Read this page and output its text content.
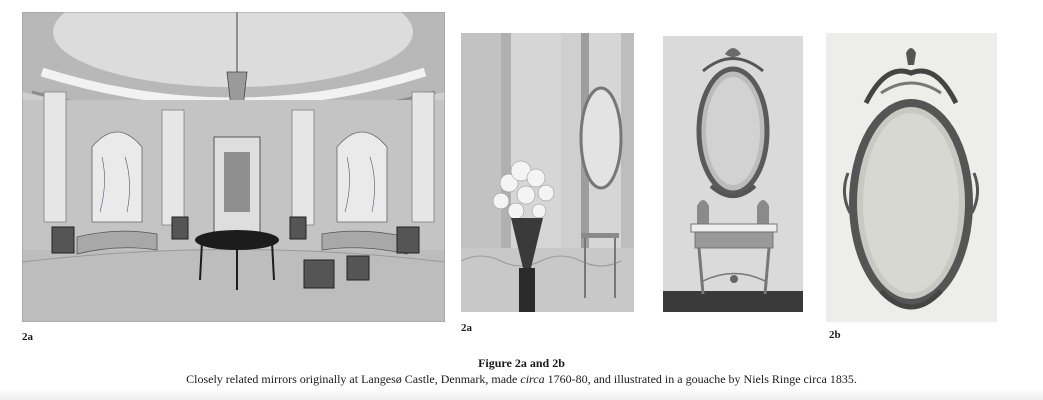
2a
2a
2b
Figure 2a and 2b
Closely related mirrors originally at Langesø Castle, Denmark, made circa 1760-80, and illustrated in a gouache by Niels Ringe circa 1835.
